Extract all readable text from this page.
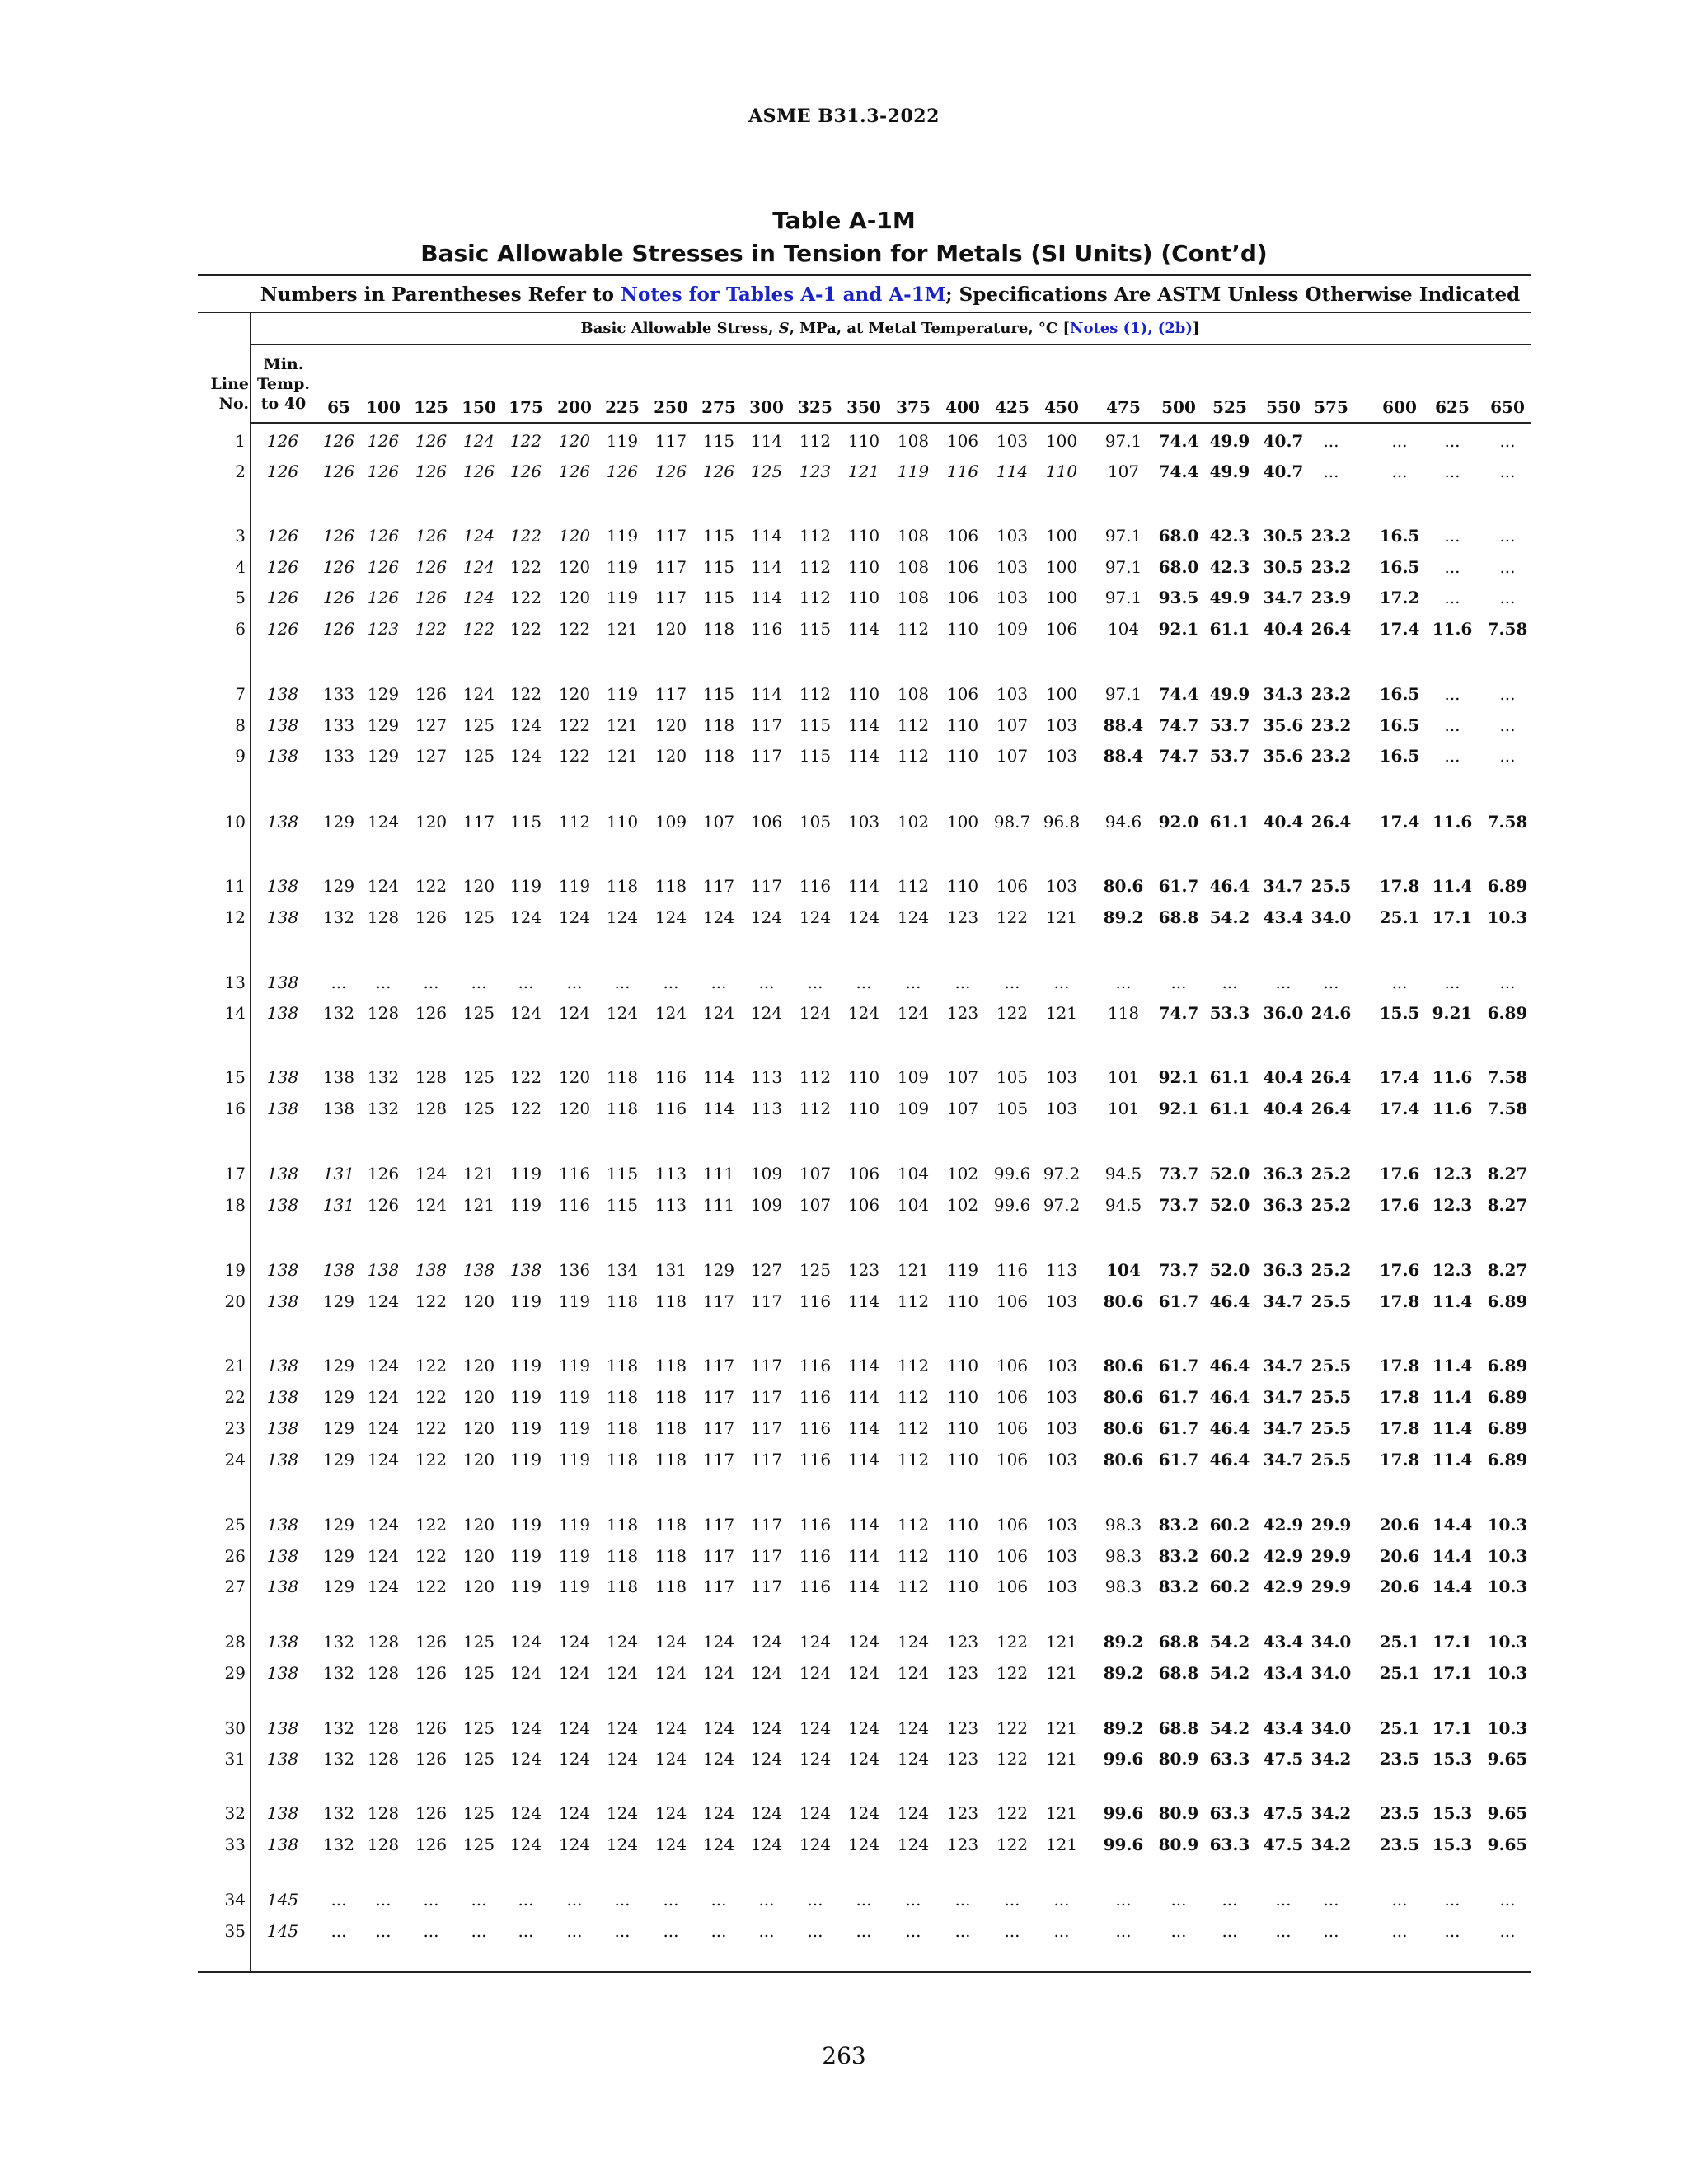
ASME B31.3-2022
Table A-1M
Basic Allowable Stresses in Tension for Metals (SI Units) (Cont’d)
Numbers in Parentheses Refer to Notes for Tables A-1 and A-1M; Specifications Are ASTM Unless Otherwise Indicated
Basic Allowable Stress, S, MPa, at Metal Temperature, °C [Notes (1), (2b)]
Line
No.
Min.
Temp.
to 40	65 100 125 150 175 200 225 250 275 300 325 350 375 400 425 450	475	500	525	550 575	600	625	650
1	126	126 126 126 124 122	120 119	117 115 114	112	110	108	106	103	100	97.1	74.4 49.9 40.7	...	...	...	...
2	126	126 126 126 126 126	126 126	126 126 125	123	121	119	116	114	110	107	74.4 49.9 40.7	...	...	...	...
3	126	126 126 126 124 122	120 119	117 115 114	112	110	108	106	103	100	97.1	68.0 42.3 30.5 23.2 16.5	...	...
4	126	126 126 126 124 122	120 119	117 115 114	112	110	108	106	103	100	97.1	68.0 42.3 30.5 23.2 16.5	...	...
5	126	126 126 126 124 122	120 119	117 115 114	112	110	108	106	103	100	97.1	93.5 49.9 34.7 23.9 17.2	...	...
6	126	126 123 122 122 122	122 121	120 118 116	115	114	112	110	109	106	104	92.1 61.1 40.4 26.4 17.4 11.6 7.58
7	138	133 129 126 124 122	120 119	117 115 114	112	110	108	106	103	100	97.1	74.4 49.9 34.3 23.2 16.5	...	...
8	138	133 129 127 125 124	122 121	120 118 117	115	114	112	110	107	103	88.4 74.7 53.7 35.6 23.2 16.5	...	...
9	138	133 129 127 125 124	122 121	120 118 117	115	114	112	110	107	103	88.4 74.7 53.7 35.6 23.2 16.5	...	...
10	138	129 124 120 117 115	112 110	109 107 106	105	103	102	100 98.7 96.8	94.6	92.0 61.1 40.4 26.4 17.4 11.6 7.58
11	138	129 124 122 120 119	119 118	118 117 117	116	114	112	110	106	103	80.6 61.7 46.4 34.7 25.5 17.8 11.4 6.89
12	138	132 128 126 125 124	124 124	124 124 124	124	124	124	123	122	121	89.2 68.8 54.2 43.4 34.0 25.1 17.1 10.3
13	138	...	...	...	...	...	...	...	...	...	...	...	...	...	...	...	...	...	...	...	...	...	...	...	...
14	138	132 128 126 125 124	124 124	124 124 124	124	124	124	123	122	121	118	74.7 53.3 36.0 24.6 15.5 9.21 6.89
15	138	138 132 128 125 122	120 118	116 114 113	112	110	109	107	105	103	101	92.1 61.1 40.4 26.4 17.4 11.6 7.58
16	138	138 132 128 125 122	120 118	116 114 113	112	110	109	107	105	103	101	92.1 61.1 40.4 26.4 17.4 11.6 7.58
17	138	131 126 124 121 119	116 115	113 111 109	107	106	104	102 99.6 97.2	94.5	73.7 52.0 36.3 25.2 17.6 12.3 8.27
18	138	131 126 124 121 119	116 115	113 111 109	107	106	104	102 99.6 97.2	94.5	73.7 52.0 36.3 25.2 17.6 12.3 8.27
19	138	138 138 138 138 138	136 134	131 129 127	125	123	121	119	116	113	104	73.7 52.0 36.3 25.2 17.6 12.3 8.27
20	138	129 124 122 120 119	119 118	118 117 117	116	114	112	110	106	103	80.6 61.7 46.4 34.7 25.5 17.8 11.4 6.89
21	138	129 124 122 120 119	119 118	118 117 117	116	114	112	110	106	103	80.6 61.7 46.4 34.7 25.5 17.8 11.4 6.89
22	138	129 124 122 120 119	119 118	118 117 117	116	114	112	110	106	103	80.6 61.7 46.4 34.7 25.5 17.8 11.4 6.89
23	138	129 124 122 120 119	119 118	118 117 117	116	114	112	110	106	103	80.6 61.7 46.4 34.7 25.5 17.8 11.4 6.89
24	138	129 124 122 120 119	119 118	118 117 117	116	114	112	110	106	103	80.6 61.7 46.4 34.7 25.5 17.8 11.4 6.89
25	138	129 124 122 120 119	119 118	118 117 117	116	114	112	110	106	103	98.3	83.2 60.2 42.9 29.9 20.6 14.4 10.3
26	138	129 124 122 120 119	119 118	118 117 117	116	114	112	110	106	103	98.3	83.2 60.2 42.9 29.9 20.6 14.4 10.3
27	138	129 124 122 120 119	119 118	118 117 117	116	114	112	110	106	103	98.3	83.2 60.2 42.9 29.9 20.6 14.4 10.3
28	138	132 128 126 125 124	124 124	124 124 124	124	124	124	123	122	121	89.2 68.8 54.2 43.4 34.0 25.1 17.1 10.3
29	138	132 128 126 125 124	124 124	124 124 124	124	124	124	123	122	121	89.2 68.8 54.2 43.4 34.0 25.1 17.1 10.3
30	138	132 128 126 125 124	124 124	124 124 124	124	124	124	123	122	121	89.2 68.8 54.2 43.4 34.0 25.1 17.1 10.3
31	138	132 128 126 125 124	124 124	124 124 124	124	124	124	123	122	121	99.6 80.9 63.3 47.5 34.2 23.5 15.3 9.65
32	138	132 128 126 125 124	124 124	124 124 124	124	124	124	123	122	121	99.6 80.9 63.3 47.5 34.2 23.5 15.3 9.65
33	138	132 128 126 125 124	124 124	124 124 124	124	124	124	123	122	121	99.6 80.9 63.3 47.5 34.2 23.5 15.3 9.65
34	145	...	...	...	...	...	...	...	...	...	...	...	...	...	...	...	...	...	...	...	...	...	...	...	...
35	145	...	...	...	...	...	...	...	...	...	...	...	...	...	...	...	...	...	...	...	...	...	...	...	...
263
